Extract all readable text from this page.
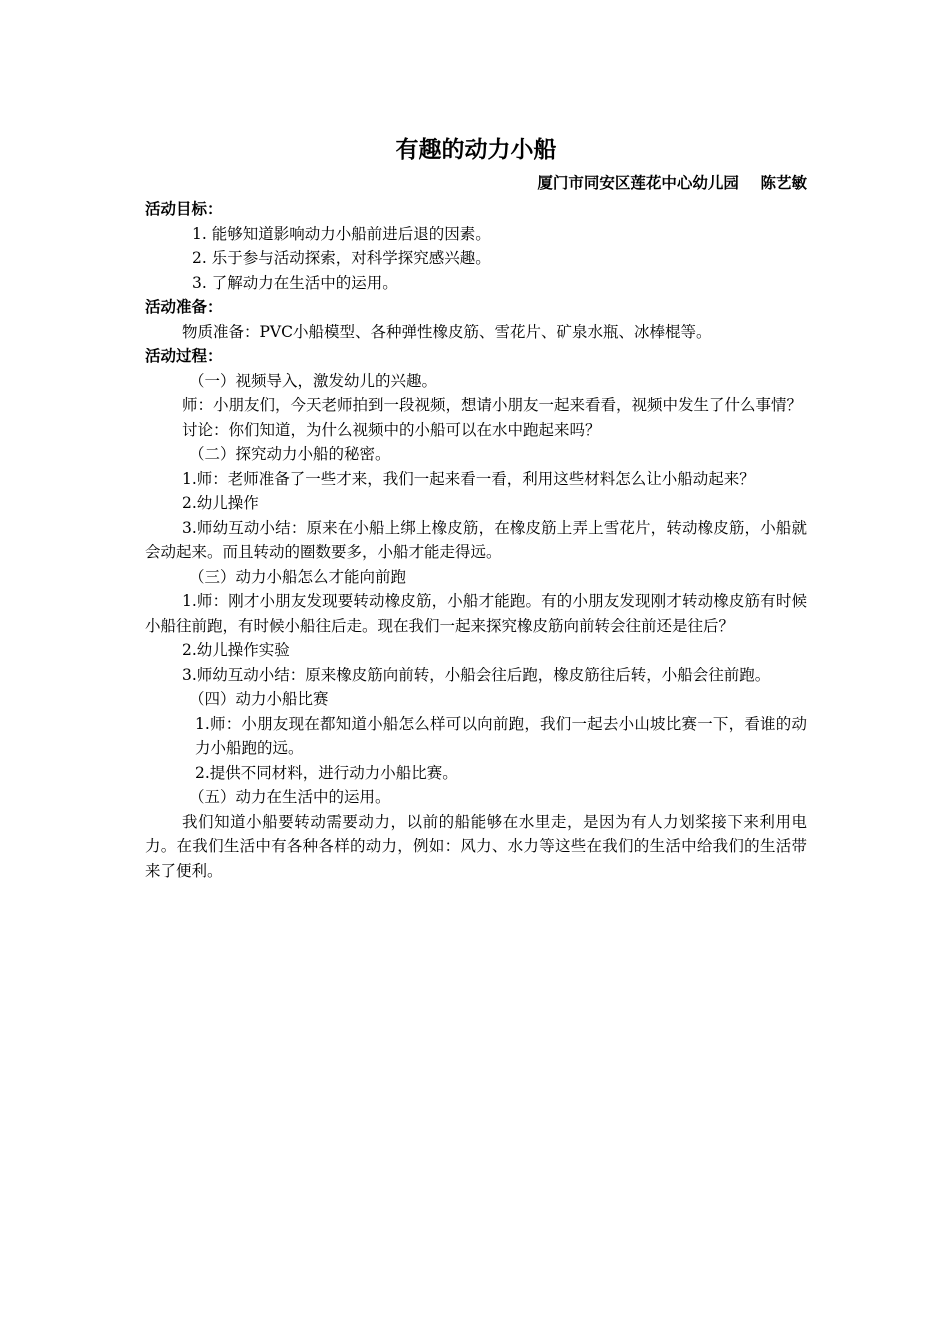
有趣的动力小船

厦门市同安区莲花中心幼儿园    陈艺敏

活动目标：

1. 能够知道影响动力小船前进后退的因素。

2. 乐于参与活动探索，对科学探究感兴趣。

3. 了解动力在生活中的运用。

活动准备：

物质准备：PVC小船模型、各种弹性橡皮筋、雪花片、矿泉水瓶、冰棒棍等。

活动过程：

（一）视频导入，激发幼儿的兴趣。

师：小朋友们，今天老师拍到一段视频，想请小朋友一起来看看，视频中发生了什么事情？

讨论：你们知道，为什么视频中的小船可以在水中跑起来吗？

（二）探究动力小船的秘密。

1.师：老师准备了一些才来，我们一起来看一看，利用这些材料怎么让小船动起来？

2.幼儿操作

3.师幼互动小结：原来在小船上绑上橡皮筋，在橡皮筋上弄上雪花片，转动橡皮筋，小船就会动起来。而且转动的圈数要多，小船才能走得远。

（三）动力小船怎么才能向前跑

1.师：刚才小朋友发现要转动橡皮筋，小船才能跑。有的小朋友发现刚才转动橡皮筋有时候小船往前跑，有时候小船往后走。现在我们一起来探究橡皮筋向前转会往前还是往后？

2.幼儿操作实验

3.师幼互动小结：原来橡皮筋向前转，小船会往后跑，橡皮筋往后转，小船会往前跑。

（四）动力小船比赛

1.师：小朋友现在都知道小船怎么样可以向前跑，我们一起去小山坡比赛一下，看谁的动力小船跑的远。

2.提供不同材料，进行动力小船比赛。

（五）动力在生活中的运用。

我们知道小船要转动需要动力，以前的船能够在水里走，是因为有人力划桨接下来利用电力。在我们生活中有各种各样的动力，例如：风力、水力等这些在我们的生活中给我们的生活带来了便利。
